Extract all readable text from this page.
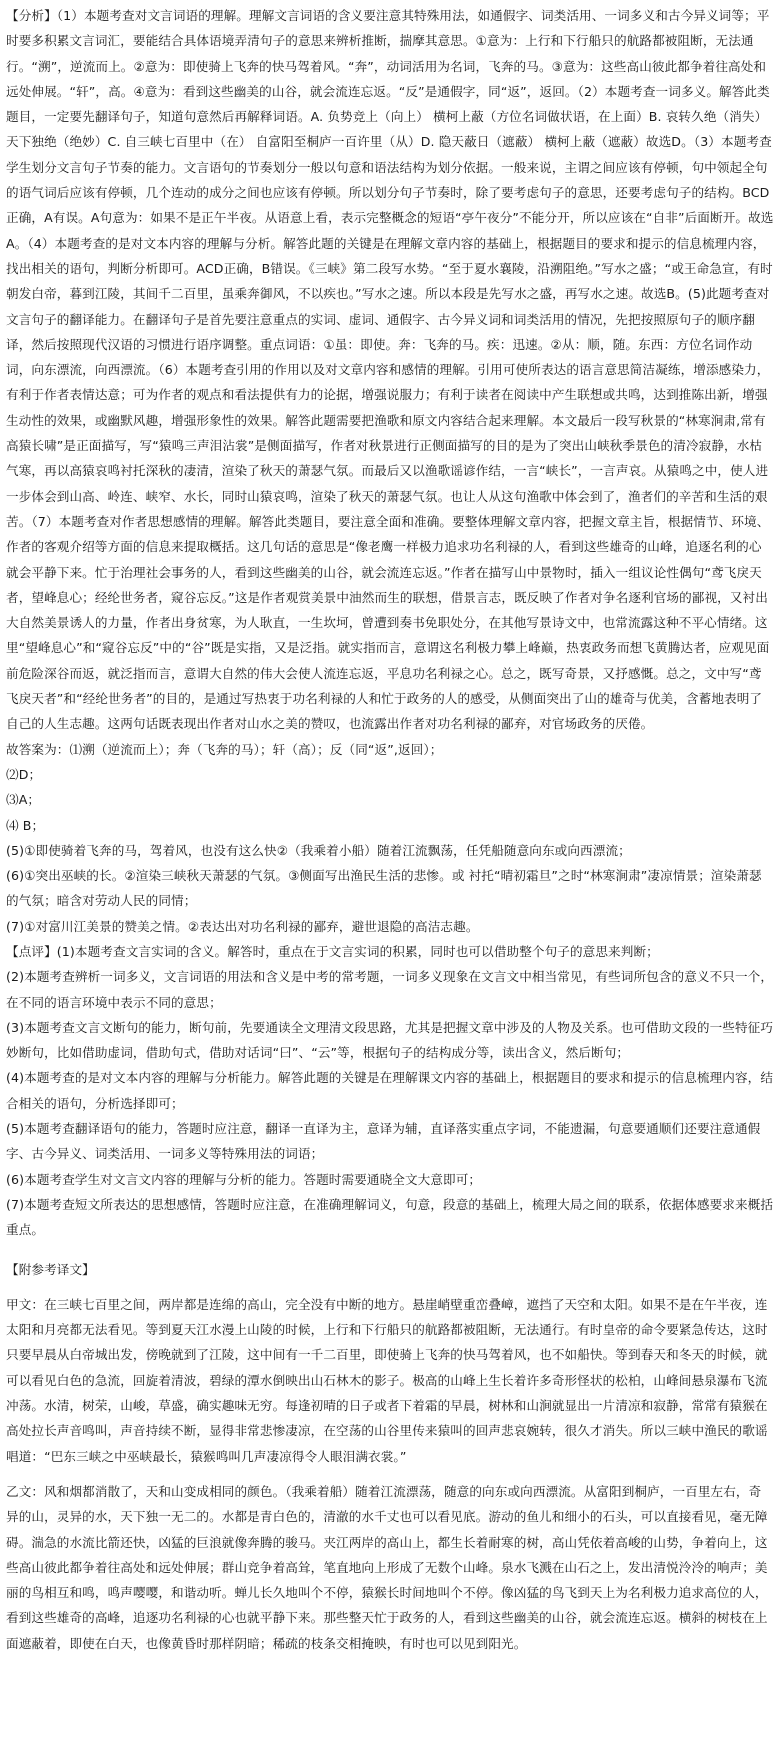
【分析】（1）本题考查对文言词语的理解。理解文言词语的含义要注意其特殊用法，如通假字、词类活用、一词多义和古今异义词等；平时要多积累文言词汇，要能结合具体语境弄清句子的意思来辨析推断，揣摩其意思。①意为：上行和下行船只的航路都被阻断，无法通行。“溯”，逆流而上。②意为：即使骑上飞奔的快马驾着风。“奔”，动词活用为名词，飞奔的马。③意为：这些高山彼此都争着往高处和远处伸展。“轩”，高。④意为：看到这些幽美的山谷，就会流连忘返。“反”是通假字，同“返”，返回。（2）本题考查一词多义。解答此类题目，一定要先翻译句子，知道句意然后再解释词语。A. 负势竞上（向上） 横柯上蔽（方位名词做状语，在上面）B. 哀转久绝（消失） 天下独绝（绝妙）C. 自三峡七百里中（在） 自富阳至桐庐一百许里（从）D. 隐天蔽日（遮蔽） 横柯上蔽（遮蔽）故选D。（3）本题考查学生划分文言句子节奏的能力。文言语句的节奏划分一般以句意和语法结构为划分依据。一般来说，主谓之间应该有停顿，句中领起全句的语气词后应该有停顿，几个连动的成分之间也应该有停顿。所以划分句子节奏时，除了要考虑句子的意思，还要考虑句子的结构。BCD正确，A有误。A句意为：如果不是正午半夜。从语意上看，表示完整概念的短语“亭午夜分”不能分开，所以应该在“自非”后面断开。故选A。（4）本题考查的是对文本内容的理解与分析。解答此题的关键是在理解文章内容的基础上，根据题目的要求和提示的信息梳理内容，找出相关的语句，判断分析即可。ACD正确，B错误。《三峡》第二段写水势。“至于夏水襄陵，沿溯阻绝。”写水之盛；“或王命急宣，有时朝发白帝，暮到江陵，其间千二百里，虽乘奔御风，不以疾也。”写水之速。所以本段是先写水之盛，再写水之速。故选B。(5)此题考查对文言句子的翻译能力。在翻译句子是首先要注意重点的实词、虚词、通假字、古今异义词和词类活用的情况，先把按照原句子的顺序翻译，然后按照现代汉语的习惯进行语序调整。重点词语：①虽：即使。奔：飞奔的马。疾：迅速。②从：顺，随。东西：方位名词作动词，向东漂流，向西漂流。（6）本题考查引用的作用以及对文章内容和感情的理解。引用可使所表达的语言意思简洁凝练，增添感染力，有利于作者表情达意；可为作者的观点和看法提供有力的论据，增强说服力；有利于读者在阅读中产生联想或共鸣，达到推陈出新，增强生动性的效果，或幽默风趣，增强形象性的效果。解答此题需要把渔歌和原文内容结合起来理解。本文最后一段写秋景的“林寒涧肃,常有高猿长啸”是正面描写，写“猿鸣三声泪沾裳”是侧面描写，作者对秋景进行正侧面描写的目的是为了突出山峡秋季景色的清冷寂静，水枯气寒，再以高猿哀鸣衬托深秋的凄清，渲染了秋天的萧瑟气氛。而最后又以渔歌谣谚作结，一言“峡长”，一言声哀。从猿鸣之中，使人进一步体会到山高、岭连、峡窄、水长，同时山猿哀鸣，渲染了秋天的萧瑟气氛。也让人从这句渔歌中体会到了，渔者们的辛苦和生活的艰苦。（7）本题考查对作者思想感情的理解。解答此类题目，要注意全面和准确。要整体理解文章内容，把握文章主旨，根据情节、环境、作者的客观介绍等方面的信息来提取概括。这几句话的意思是“像老鹰一样极力追求功名利禄的人，看到这些雄奇的山峰，追逐名利的心就会平静下来。忙于治理社会事务的人，看到这些幽美的山谷，就会流连忘返。”作者在描写山中景物时，插入一组议论性偶句“鸢飞戾天者，望峰息心；经纶世务者，窥谷忘反。”这是作者观赏美景中油然而生的联想，借景言志，既反映了作者对争名逐利官场的鄙视，又衬出大自然美景诱人的力量，作者出身贫寒，为人耿直，一生坎坷，曾遭到奏书免职处分，在其他写景诗文中，也常流露这种不平心情绪。这里“望峰息心”和“窥谷忘反”中的“谷”既是实指，又是泛指。就实指而言，意谓这名利极力攀上峰巅，热衷政务而想飞黄腾达者，应观见面前危险深谷而返，就泛指而言，意谓大自然的伟大会使人流连忘返，平息功名利禄之心。总之，既写奇景，又抒感慨。总之，文中写“鸢飞戾天者”和“经纶世务者”的目的，是通过写热衷于功名利禄的人和忙于政务的人的感受，从侧面突出了山的雄奇与优美，含蓄地表明了自己的人生志趣。这两句话既表现出作者对山水之美的赞叹，也流露出作者对功名利禄的鄙弃，对官场政务的厌倦。

故答案为：⑴溯（逆流而上）；奔（飞奔的马）；轩（高）；反（同“返”,返回）；

⑵D；

⑶A；

⑷ B；

(5)①即使骑着飞奔的马，驾着风，也没有这么快②（我乘着小船）随着江流飘荡，任凭船随意向东或向西漂流；

(6)①突出巫峡的长。②渲染三峡秋天萧瑟的气氛。③侧面写出渔民生活的悲惨。或 衬托“晴初霜旦”之时“林寒涧肃”凄凉情景；渲染萧瑟的气氛；暗含对劳动人民的同情；

(7)①对富川江美景的赞美之情。②表达出对功名利禄的鄙弃，避世退隐的高洁志趣。

【点评】(1)本题考查文言实词的含义。解答时，重点在于文言实词的积累，同时也可以借助整个句子的意思来判断；

(2)本题考查辨析一词多义，文言词语的用法和含义是中考的常考题，一词多义现象在文言文中相当常见，有些词所包含的意义不只一个，在不同的语言环境中表示不同的意思；

(3)本题考查文言文断句的能力，断句前，先要通读全文理清文段思路，尤其是把握文章中涉及的人物及关系。也可借助文段的一些特征巧妙断句，比如借助虚词，借助句式，借助对话词“曰”、“云”等，根据句子的结构成分等，读出含义，然后断句；

(4)本题考查的是对文本内容的理解与分析能力。解答此题的关键是在理解课文内容的基础上，根据题目的要求和提示的信息梳理内容，结合相关的语句，分析选择即可；

(5)本题考查翻译语句的能力，答题时应注意，翻译一直译为主，意译为辅，直译落实重点字词，不能遗漏，句意要通顺们还要注意通假字、古今异义、词类活用、一词多义等特殊用法的词语；

(6)本题考查学生对文言文内容的理解与分析的能力。答题时需要通晓全文大意即可；

(7)本题考查短文所表达的思想感情，答题时应注意，在准确理解词义，句意，段意的基础上，梳理大局之间的联系，依据体感要求来概括重点。

【附参考译文】

甲文：在三峡七百里之间，两岸都是连绵的高山，完全没有中断的地方。悬崖峭壁重峦叠嶂，遮挡了天空和太阳。如果不是在午半夜，连太阳和月亮都无法看见。等到夏天江水漫上山陵的时候，上行和下行船只的航路都被阻断，无法通行。有时皇帝的命令要紧急传达，这时只要早晨从白帝城出发，傍晚就到了江陵，这中间有一千二百里，即使骑上飞奔的快马驾着风，也不如船快。等到春天和冬天的时候，就可以看见白色的急流，回旋着清波，碧绿的潭水倒映出山石林木的影子。极高的山峰上生长着许多奇形怪状的松柏，山峰间悬泉瀑布飞流冲荡。水清，树荣，山峻，草盛，确实趣味无穷。每逢初晴的日子或者下着霜的早晨，树林和山涧就显出一片清凉和寂静，常常有猿猴在高处拉长声音鸣叫，声音持续不断，显得非常悲惨凄凉，在空荡的山谷里传来猿叫的回声悲哀婉转，很久才消失。所以三峡中渔民的歌谣唱道：“巴东三峡之中巫峡最长，猿猴鸣叫几声凄凉得令人眼泪满衣裳。”

乙文：风和烟都消散了，天和山变成相同的颜色。（我乘着船）随着江流漂荡，随意的向东或向西漂流。从富阳到桐庐，一百里左右，奇异的山，灵异的水，天下独一无二的。水都是青白色的，清澈的水千丈也可以看见底。游动的鱼儿和细小的石头，可以直接看见，毫无障碍。湍急的水流比箭还快，凶猛的巨浪就像奔腾的骏马。夹江两岸的高山上，都生长着耐寒的树，高山凭依着高峻的山势，争着向上，这些高山彼此都争着往高处和远处伸展；群山竞争着高耸，笔直地向上形成了无数个山峰。泉水飞溅在山石之上，发出清悦泠泠的响声；美丽的鸟相互和鸣，鸣声嘤嘤，和谐动听。蝉儿长久地叫个不停，猿猴长时间地叫个不停。像凶猛的鸟飞到天上为名利极力追求高位的人，看到这些雄奇的高峰，追逐功名利禄的心也就平静下来。那些整天忙于政务的人，看到这些幽美的山谷，就会流连忘返。横斜的树枝在上面遮蔽着，即使在白天，也像黄昏时那样阴暗；稀疏的枝条交相掩映，有时也可以见到阳光。
